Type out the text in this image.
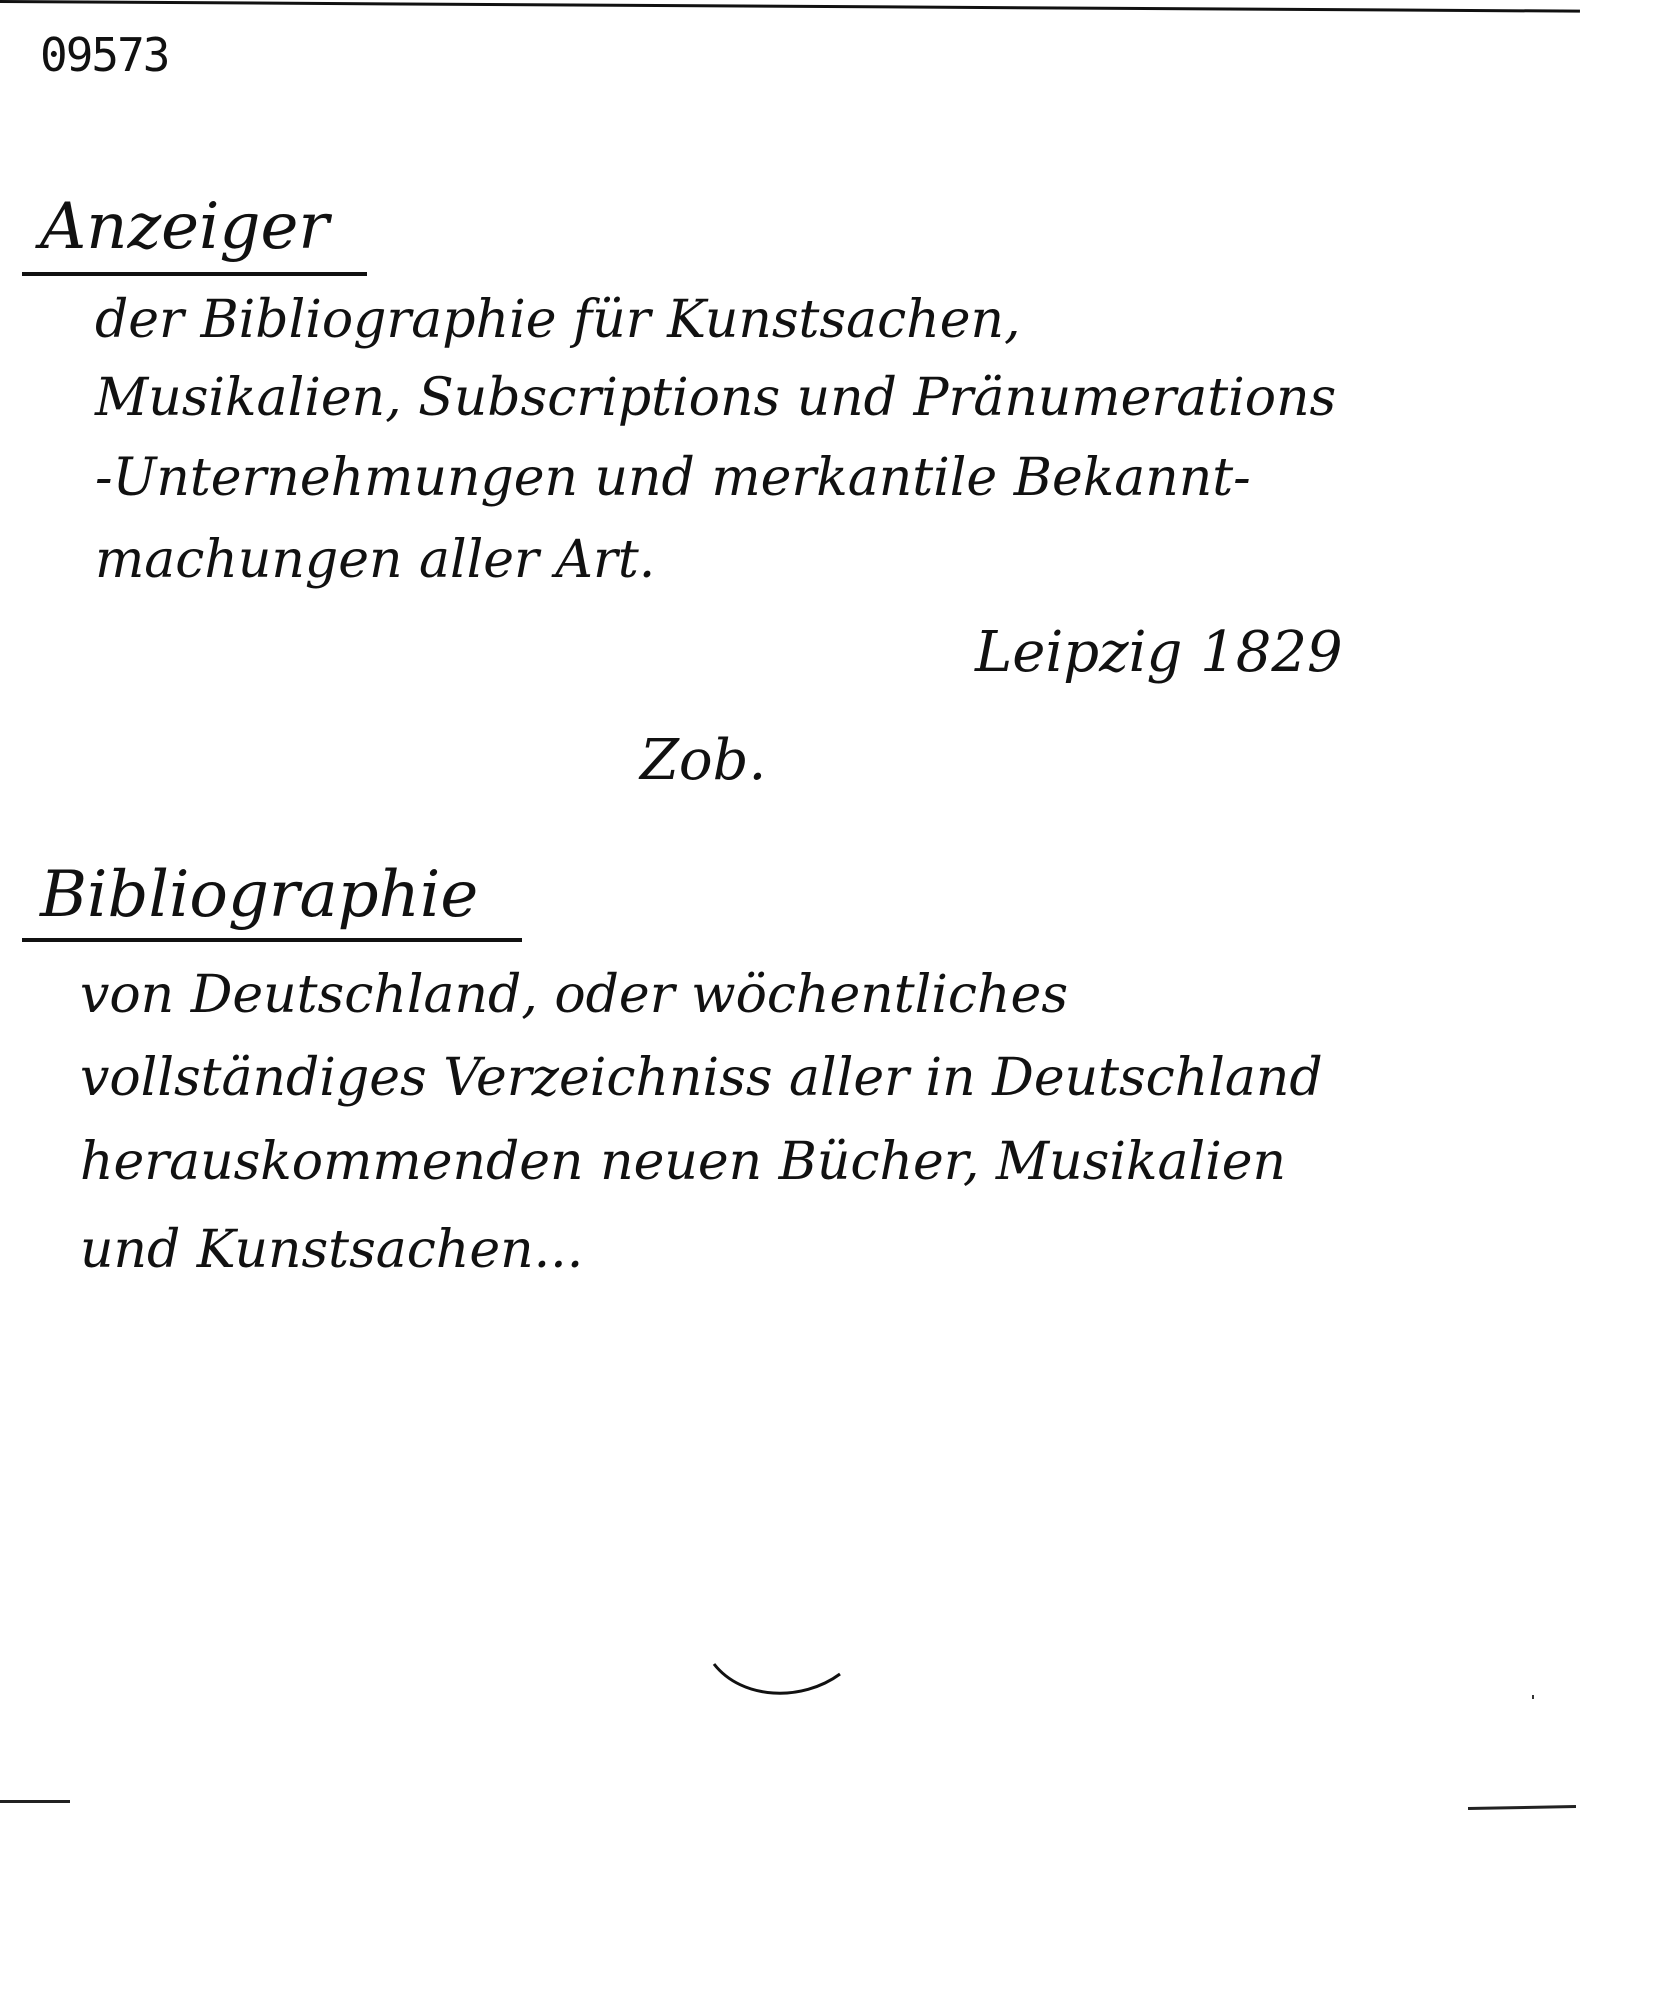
09573
Anzeiger
der Bibliographie für Kunstsachen,
Musikalien, Subscriptions und Pränumerations
-Unternehmungen und merkantile Bekannt-
machungen aller Art.
Leipzig 1829
Zob.
Bibliographie
von Deutschland, oder wöchentliches
vollständiges Verzeichniss aller in Deutschland
herauskommenden neuen Bücher, Musikalien
und Kunstsachen...
